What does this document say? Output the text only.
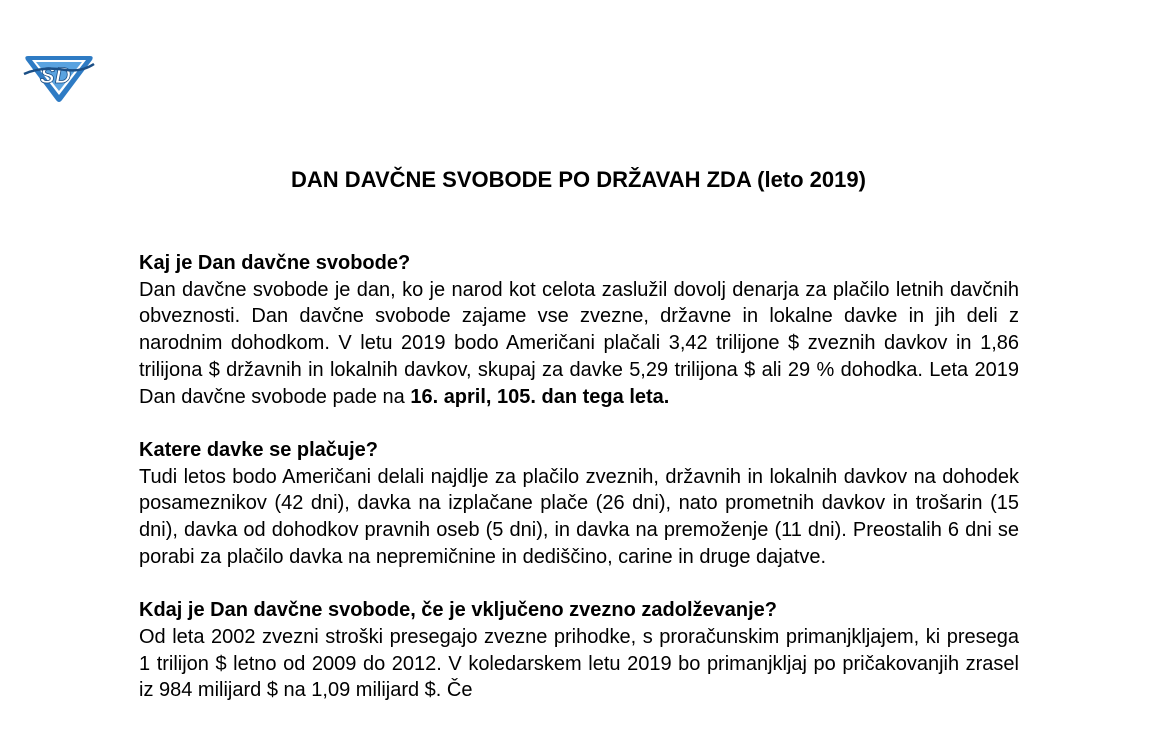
S D
DAN DAVČNE SVOBODE PO DRŽAVAH ZDA (leto 2019)

Kaj je Dan davčne svobode?

Dan davčne svobode je dan, ko je narod kot celota zaslužil dovolj denarja za plačilo letnih davčnih obveznosti. Dan davčne svobode zajame vse zvezne, državne in lokalne davke in jih deli z narodnim dohodkom. V letu 2019 bodo Američani plačali 3,42 trilijone $ zveznih davkov in 1,86 trilijona $ državnih in lokalnih davkov, skupaj za davke 5,29 trilijona $ ali 29 % dohodka. Leta 2019 Dan davčne svobode pade na 16. april, 105. dan tega leta.

Katere davke se plačuje?

Tudi letos bodo Američani delali najdlje za plačilo zveznih, državnih in lokalnih davkov na dohodek posameznikov (42 dni), davka na izplačane plače (26 dni), nato prometnih davkov in trošarin (15 dni), davka od dohodkov pravnih oseb (5 dni), in davka na premoženje (11 dni). Preostalih 6 dni se porabi za plačilo davka na nepremičnine in dediščino, carine in druge dajatve.

Kdaj je Dan davčne svobode, če je vključeno zvezno zadolževanje?

Od leta 2002 zvezni stroški presegajo zvezne prihodke, s proračunskim primanjkljajem, ki presega 1 trilijon $ letno od 2009 do 2012. V koledarskem letu 2019 bo primanjkljaj po pričakovanjih zrasel iz 984 milijard $ na 1,09 milijard $. Če
